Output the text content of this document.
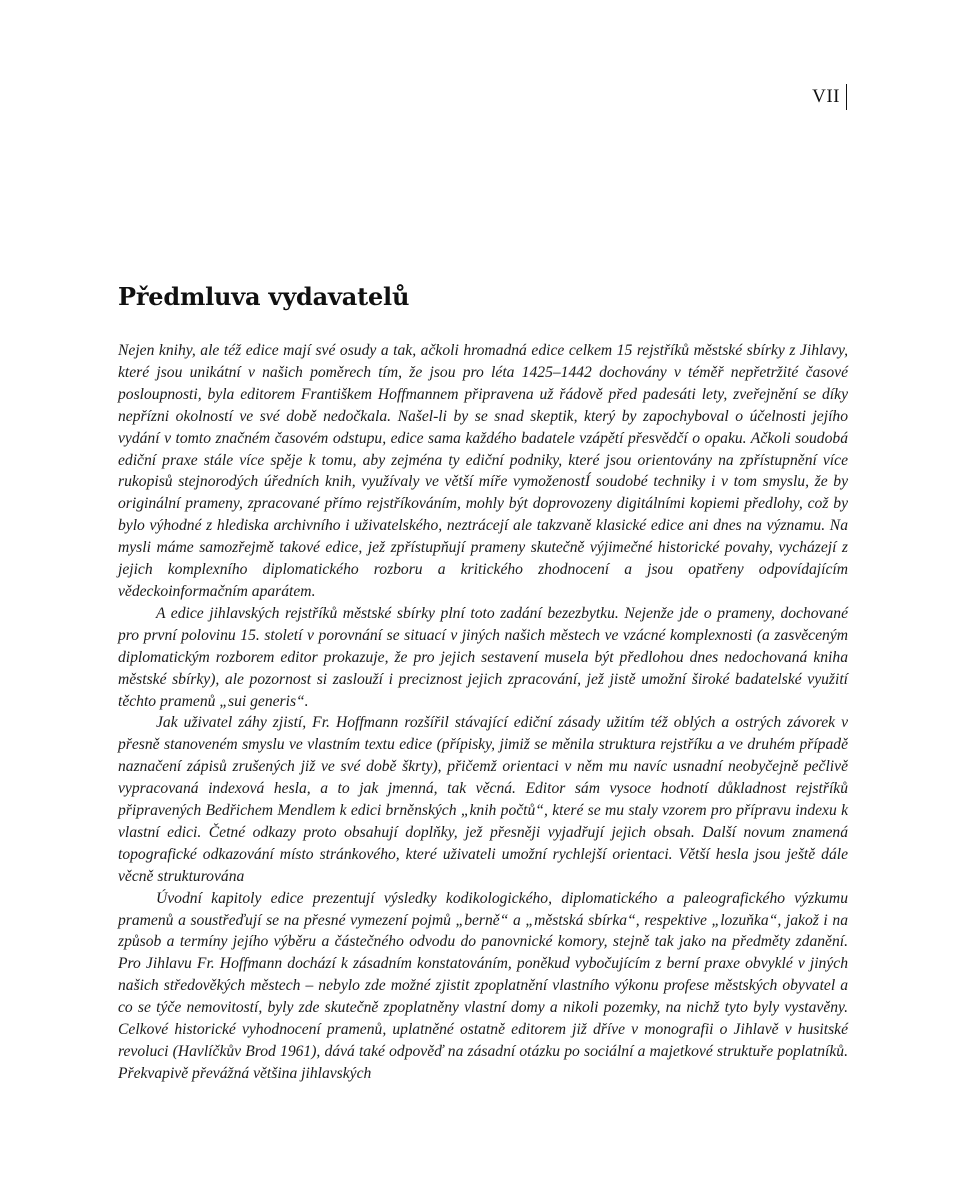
VII
Předmluva vydavatelů

Nejen knihy, ale též edice mají své osudy a tak, ačkoli hromadná edice celkem 15 rejstříků městské sbírky z Jihlavy, které jsou unikátní v našich poměrech tím, že jsou pro léta 1425–1442 dochovány v téměř nepřetržité časové posloupnosti, byla editorem Františkem Hoffmannem připravena už řádově před padesáti lety, zveřejnění se díky nepřízni okolností ve své době nedočkala. Našel-li by se snad skeptik, který by zapochyboval o účelnosti jejího vydání v tomto značném časovém odstupu, edice sama každého badatele vzápětí přesvědčí o opaku. Ačkoli soudobá ediční praxe stále více spěje k tomu, aby zejména ty ediční podniky, které jsou orientovány na zpřístupnění více rukopisů stejnorodých úředních knih, využívaly ve větší míře vymoženostÍ soudobé techniky i v tom smyslu, že by originální prameny, zpracované přímo rejstříkováním, mohly být doprovozeny digitálními kopiemi předlohy, což by bylo výhodné z hlediska archivního i uživatelského, neztrácejí ale takzvaně klasické edice ani dnes na významu. Na mysli máme samozřejmě takové edice, jež zpřístupňují prameny skutečně výjimečné historické povahy, vycházejí z jejich komplexního diplomatického rozboru a kritického zhodnocení a jsou opatřeny odpovídajícím vědeckoinformačním aparátem.

A edice jihlavských rejstříků městské sbírky plní toto zadání bezezbytku. Nejenže jde o prameny, dochované pro první polovinu 15. století v porovnání se situací v jiných našich městech ve vzácné komplexnosti (a zasvěceným diplomatickým rozborem editor prokazuje, že pro jejich sestavení musela být předlohou dnes nedochovaná kniha městské sbírky), ale pozornost si zaslouží i preciznost jejich zpracování, jež jistě umožní široké badatelské využití těchto pramenů „sui generis“.

Jak uživatel záhy zjistí, Fr. Hoffmann rozšířil stávající ediční zásady užitím též oblých a ostrých závorek v přesně stanoveném smyslu ve vlastním textu edice (přípisky, jimiž se měnila struktura rejstříku a ve druhém případě naznačení zápisů zrušených již ve své době škrty), přičemž orientaci v něm mu navíc usnadní neobyčejně pečlivě vypracovaná indexová hesla, a to jak jmenná, tak věcná. Editor sám vysoce hodnotí důkladnost rejstříků připravených Bedřichem Mendlem k edici brněnských „knih počtů“, které se mu staly vzorem pro přípravu indexu k vlastní edici. Četné odkazy proto obsahují doplňky, jež přesněji vyjadřují jejich obsah. Další novum znamená topografické odkazování místo stránkového, které uživateli umožní rychlejší orientaci. Větší hesla jsou ještě dále věcně strukturována

Úvodní kapitoly edice prezentují výsledky kodikologického, diplomatického a paleografického výzkumu pramenů a soustřeďují se na přesné vymezení pojmů „berně“ a „městská sbírka“, respektive „lozuňka“, jakož i na způsob a termíny jejího výběru a částečného odvodu do panovnické komory, stejně tak jako na předměty zdanění. Pro Jihlavu Fr. Hoffmann dochází k zásadním konstatováním, poněkud vybočujícím z berní praxe obvyklé v jiných našich středověkých městech – nebylo zde možné zjistit zpoplatnění vlastního výkonu profese městských obyvatel a co se týče nemovitostí, byly zde skutečně zpoplatněny vlastní domy a nikoli pozemky, na nichž tyto byly vystavěny. Celkové historické vyhodnocení pramenů, uplatněné ostatně editorem již dříve v monografii o Jihlavě v husitské revoluci (Havlíčkův Brod 1961), dává také odpověď na zásadní otázku po sociální a majetkové struktuře poplatníků. Překvapivě převážná většina jihlavských
